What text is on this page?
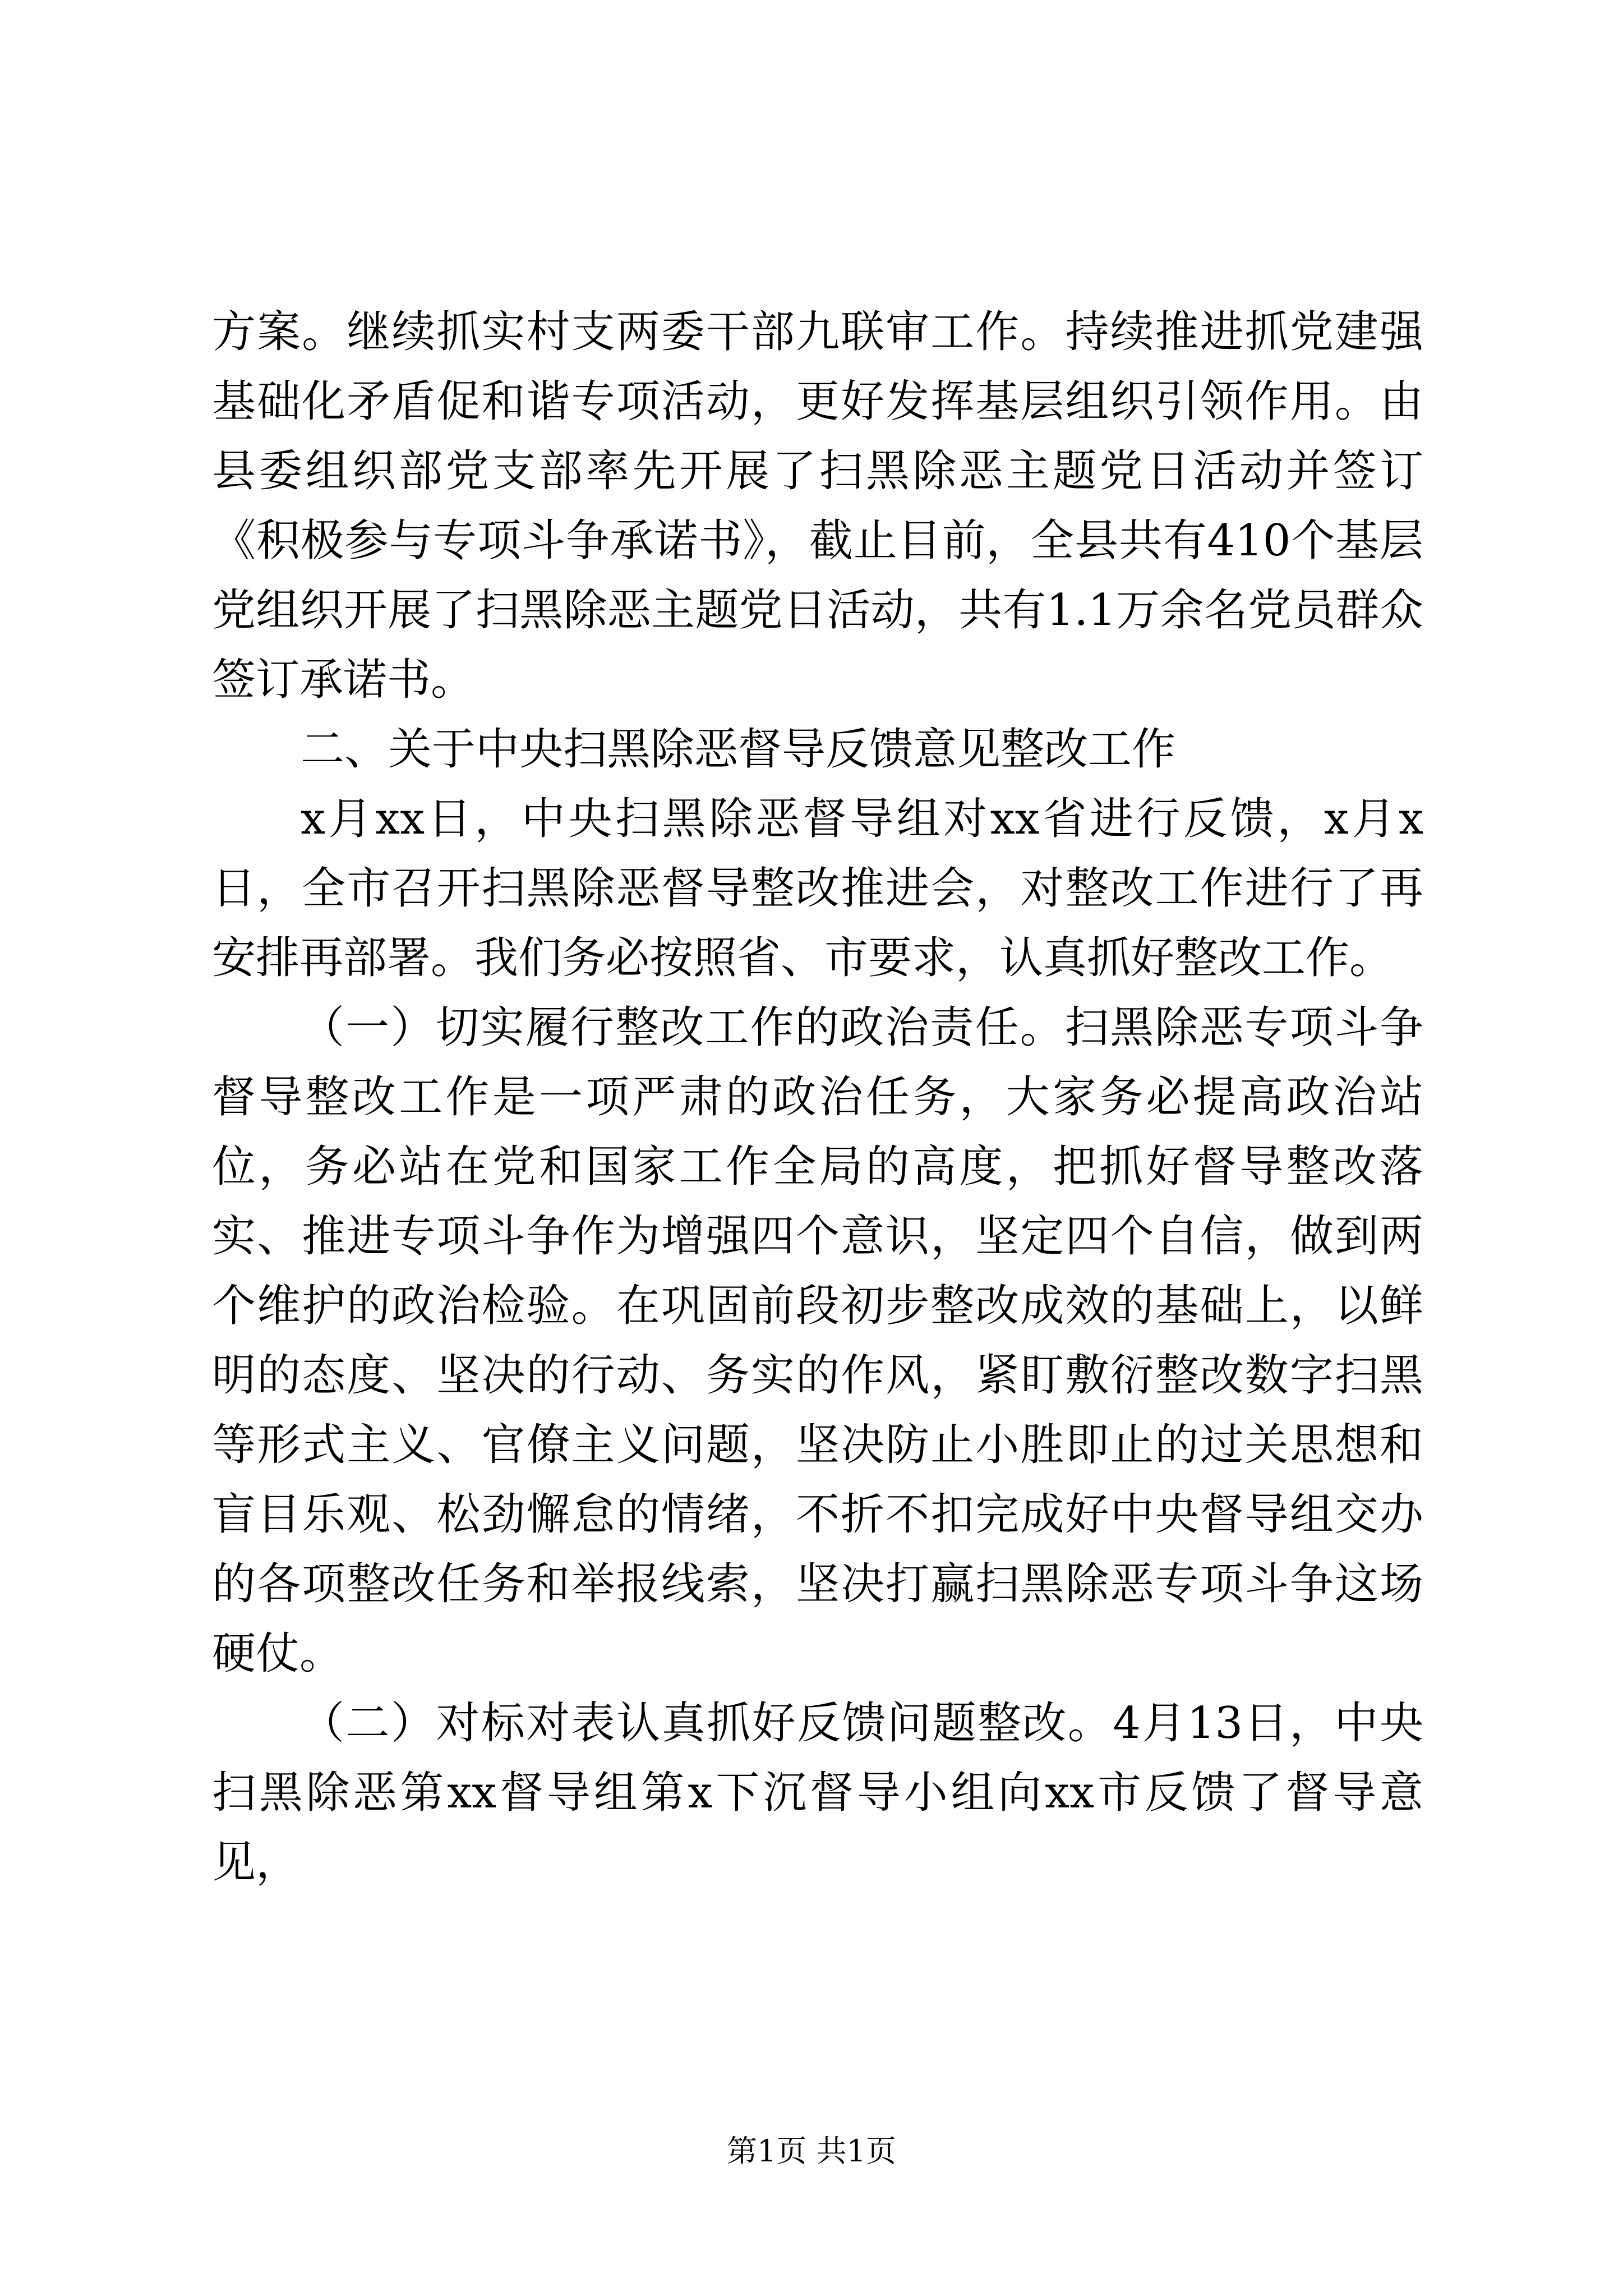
方案。继续抓实村支两委干部九联审工作。持续推进抓党建强基础化矛盾促和谐专项活动，更好发挥基层组织引领作用。由县委组织部党支部率先开展了扫黑除恶主题党日活动并签订《积极参与专项斗争承诺书》，截止目前，全县共有410个基层党组织开展了扫黑除恶主题党日活动，共有1.1万余名党员群众签订承诺书。

二、关于中央扫黑除恶督导反馈意见整改工作

x月xx日，中央扫黑除恶督导组对xx省进行反馈，x月x日，全市召开扫黑除恶督导整改推进会，对整改工作进行了再安排再部署。我们务必按照省、市要求，认真抓好整改工作。

（一）切实履行整改工作的政治责任。扫黑除恶专项斗争督导整改工作是一项严肃的政治任务，大家务必提高政治站位，务必站在党和国家工作全局的高度，把抓好督导整改落实、推进专项斗争作为增强四个意识，坚定四个自信，做到两个维护的政治检验。在巩固前段初步整改成效的基础上，以鲜明的态度、坚决的行动、务实的作风，紧盯敷衍整改数字扫黑等形式主义、官僚主义问题，坚决防止小胜即止的过关思想和盲目乐观、松劲懈怠的情绪，不折不扣完成好中央督导组交办的各项整改任务和举报线索，坚决打赢扫黑除恶专项斗争这场硬仗。

（二）对标对表认真抓好反馈问题整改。4月13日，中央扫黑除恶第xx督导组第x下沉督导小组向xx市反馈了督导意见，

第1页 共1页
